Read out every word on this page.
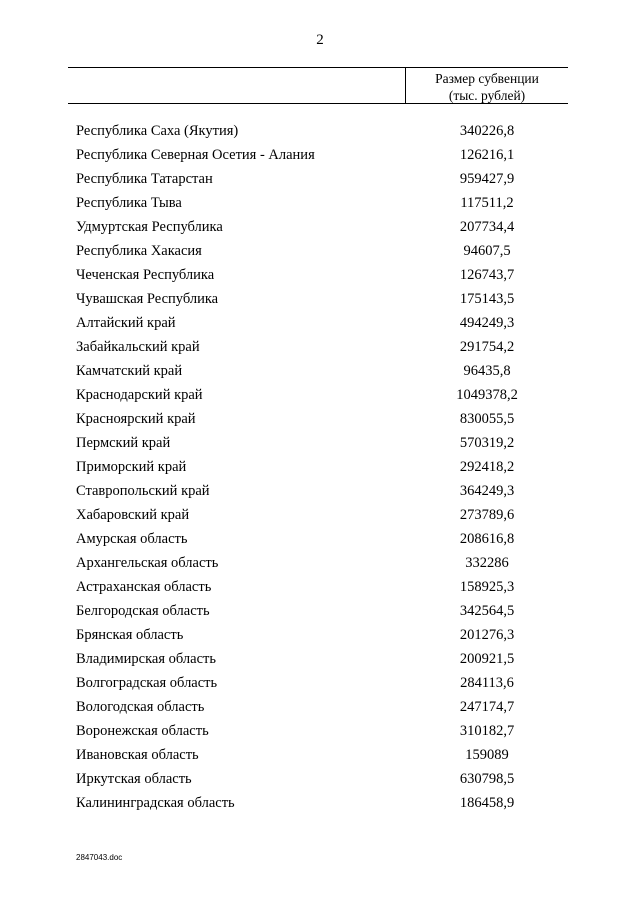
2
Размер субвенции
(тыс. рублей)
Республика Саха (Якутия)	340226,8
Республика Северная Осетия - Алания	126216,1
Республика Татарстан	959427,9
Республика Тыва	117511,2
Удмуртская Республика	207734,4
Республика Хакасия	94607,5
Чеченская Республика	126743,7
Чувашская Республика	175143,5
Алтайский край	494249,3
Забайкальский край	291754,2
Камчатский край	96435,8
Краснодарский край	1049378,2
Красноярский край	830055,5
Пермский край	570319,2
Приморский край	292418,2
Ставропольский край	364249,3
Хабаровский край	273789,6
Амурская область	208616,8
Архангельская область	332286
Астраханская область	158925,3
Белгородская область	342564,5
Брянская область	201276,3
Владимирская область	200921,5
Волгоградская область	284113,6
Вологодская область	247174,7
Воронежская область	310182,7
Ивановская область	159089
Иркутская область	630798,5
Калининградская область	186458,9
2847043.doc
